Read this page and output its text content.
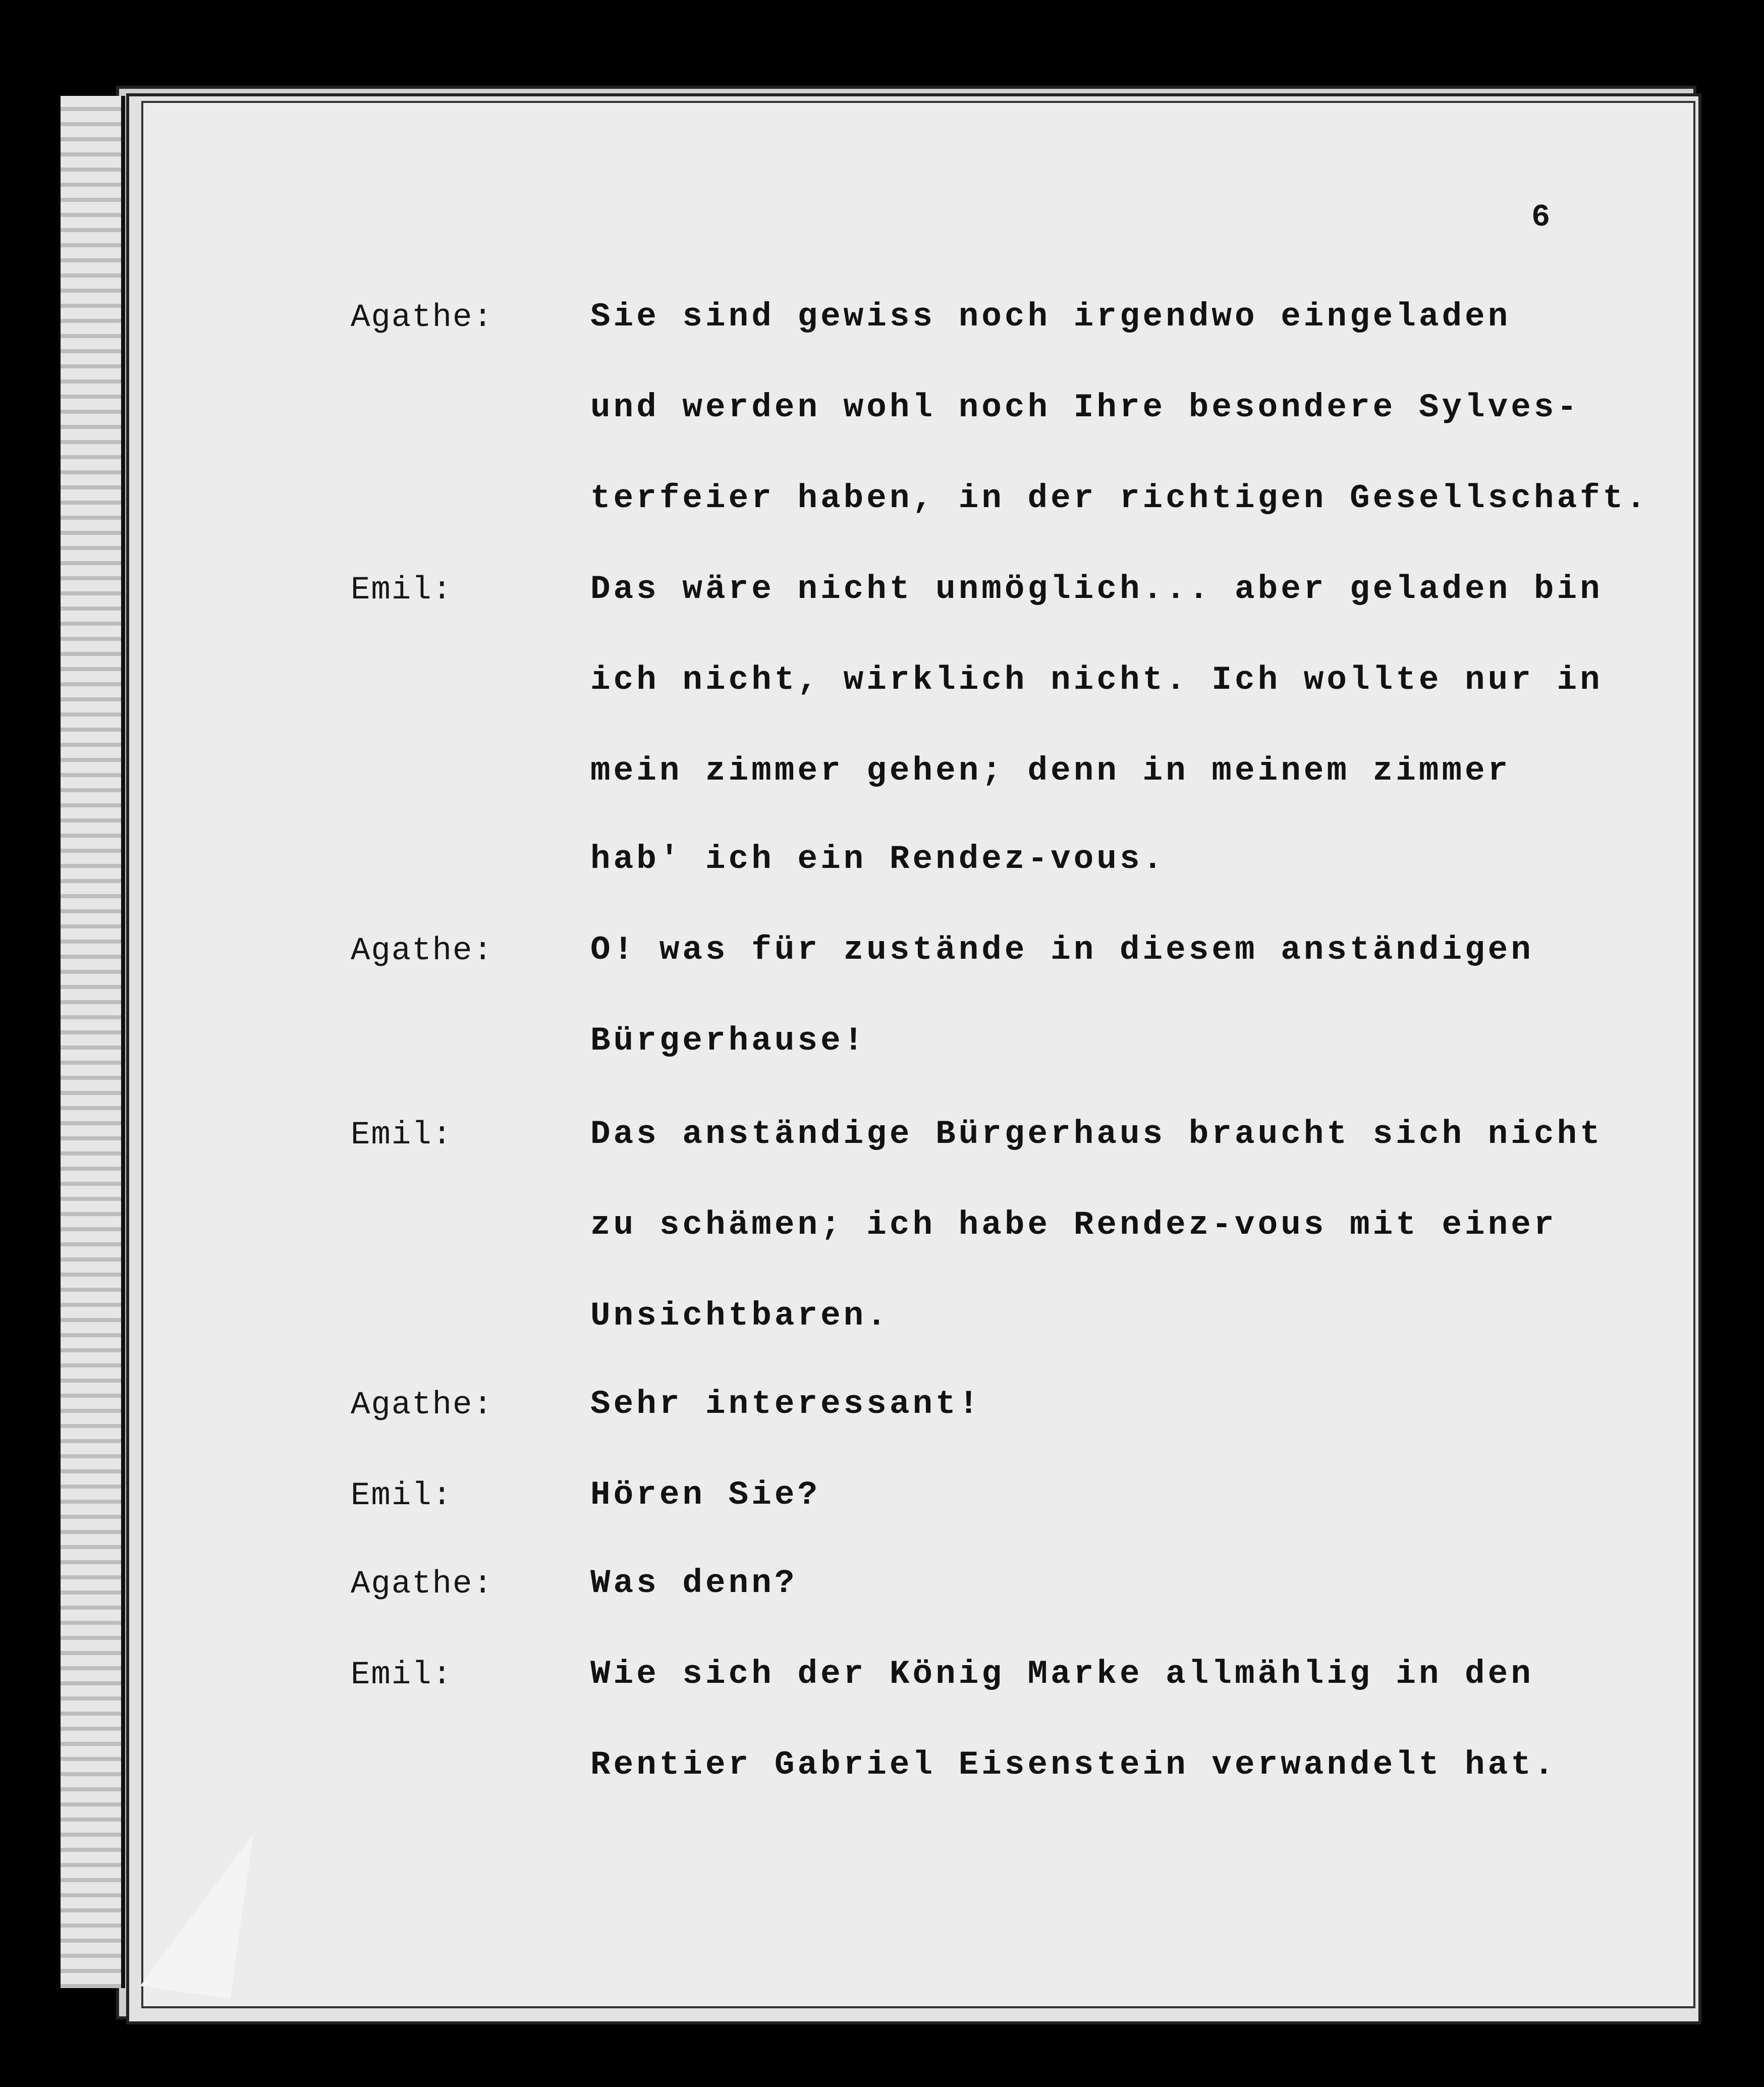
6
Agathe:	Sie sind gewiss noch irgendwo eingeladen
und werden wohl noch Ihre besondere Sylves-
terfeier haben, in der richtigen Gesellschaft.
Emil:	Das wäre nicht unmöglich... aber geladen bin
ich nicht, wirklich nicht. Ich wollte nur in
mein zimmer gehen; denn in meinem zimmer
hab' ich ein Rendez-vous.
Agathe:	O! was für zustände in diesem anständigen
Bürgerhause!
Emil:	Das anständige Bürgerhaus braucht sich nicht
zu schämen; ich habe Rendez-vous mit einer
Unsichtbaren.
Agathe:	Sehr interessant!
Emil:	Hören Sie?
Agathe:	Was denn?
Emil:	Wie sich der König Marke allmählig in den
Rentier Gabriel Eisenstein verwandelt hat.
